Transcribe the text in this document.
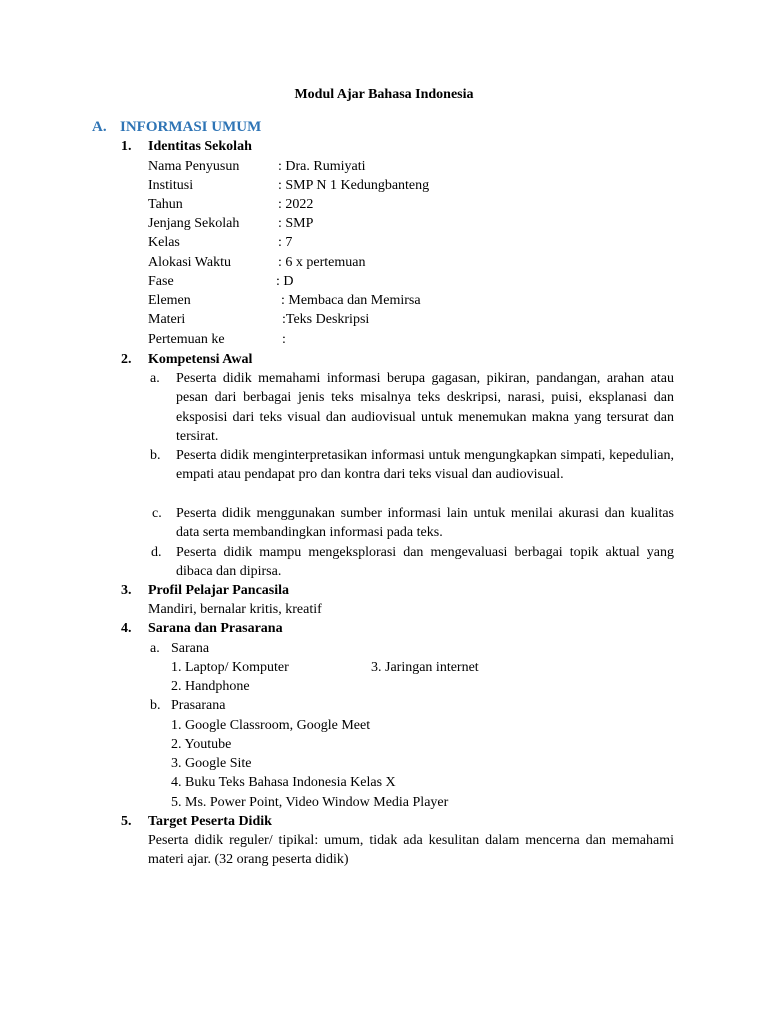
Modul Ajar Bahasa Indonesia
A. INFORMASI UMUM
1. Identitas Sekolah
Nama Penyusun	: Dra. Rumiyati
Institusi	: SMP N 1 Kedungbanteng
Tahun	: 2022
Jenjang Sekolah	: SMP
Kelas	: 7
Alokasi Waktu	: 6 x pertemuan
Fase	: D
Elemen	: Membaca dan Memirsa
Materi	:Teks Deskripsi
Pertemuan ke	:
2. Kompetensi Awal
a. Peserta didik memahami informasi berupa gagasan, pikiran, pandangan, arahan atau pesan dari berbagai jenis teks misalnya teks deskripsi, narasi, puisi, eksplanasi dan eksposisi dari teks visual dan audiovisual untuk menemukan makna yang tersurat dan tersirat.
b. Peserta didik menginterpretasikan informasi untuk mengungkapkan simpati, kepedulian, empati atau pendapat pro dan kontra dari teks visual dan audiovisual.
c. Peserta didik menggunakan sumber informasi lain untuk menilai akurasi dan kualitas data serta membandingkan informasi pada teks.
d. Peserta didik mampu mengeksplorasi dan mengevaluasi berbagai topik aktual yang dibaca dan dipirsa.
3. Profil Pelajar Pancasila
Mandiri, bernalar kritis, kreatif
4. Sarana dan Prasarana
a. Sarana
1. Laptop/ Komputer	3. Jaringan internet
2. Handphone
b. Prasarana
1. Google Classroom, Google Meet
2. Youtube
3. Google Site
4. Buku Teks Bahasa Indonesia Kelas X
5. Ms. Power Point, Video Window Media Player
5. Target Peserta Didik
Peserta didik reguler/ tipikal: umum, tidak ada kesulitan dalam mencerna dan memahami materi ajar. (32 orang peserta didik)
